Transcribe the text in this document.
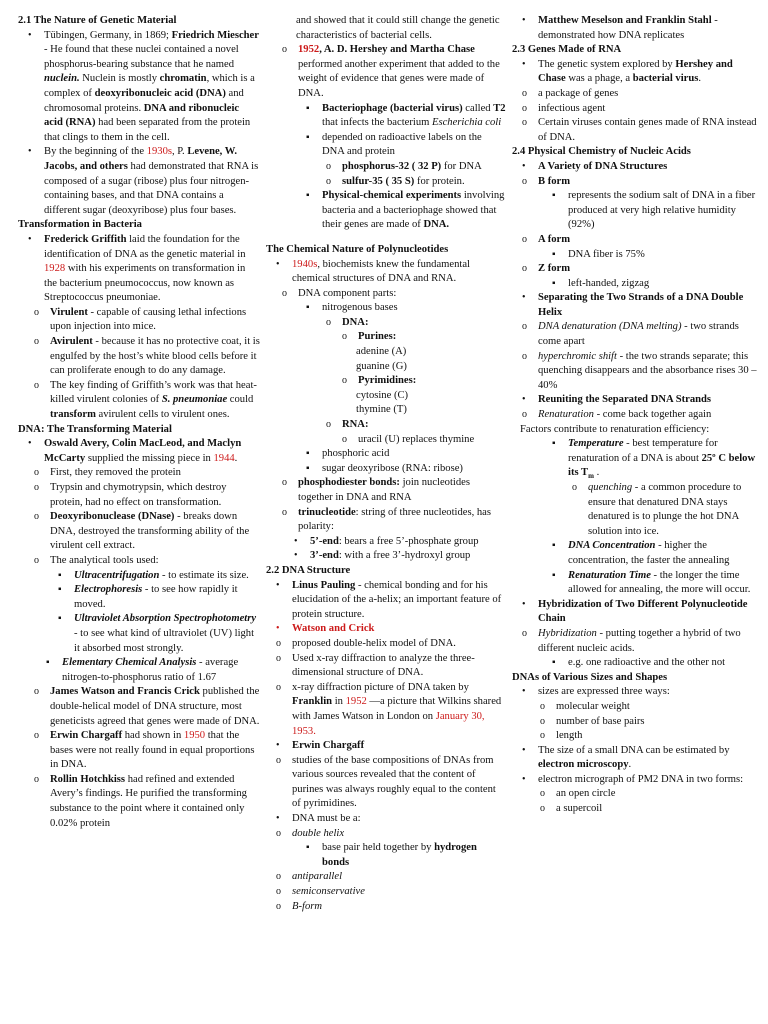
2.1 The Nature of Genetic Material
• Tübingen, Germany, in 1869; Friedrich Miescher - He found that these nuclei contained a novel phosphorus-bearing substance that he named nuclein. Nuclein is mostly chromatin, which is a complex of deoxyribonucleic acid (DNA) and chromosomal proteins. DNA and ribonucleic acid (RNA) had been separated from the protein that clings to them in the cell.
• By the beginning of the 1930s, P. Levene, W. Jacobs, and others had demonstrated that RNA is composed of a sugar (ribose) plus four nitrogen-containing bases, and that DNA contains a different sugar (deoxyribose) plus four bases.
Transformation in Bacteria
• Frederick Griffith laid the foundation for the identification of DNA as the genetic material in 1928 with his experiments on transformation in the bacterium pneumococcus, now known as Streptococcus pneumoniae.
o Virulent - capable of causing lethal infections upon injection into mice.
o Avirulent - because it has no protective coat, it is engulfed by the host’s white blood cells before it can proliferate enough to do any damage.
o The key finding of Griffith’s work was that heat-killed virulent colonies of S. pneumoniae could transform avirulent cells to virulent ones.
DNA: The Transforming Material
• Oswald Avery, Colin MacLeod, and Maclyn McCarty supplied the missing piece in 1944.
o First, they removed the protein
o Trypsin and chymotrypsin, which destroy protein, had no effect on transformation.
o Deoxyribonuclease (DNase) - breaks down DNA, destroyed the transforming ability of the virulent cell extract.
o The analytical tools used:
▪ Ultracentrifugation - to estimate its size.
▪ Electrophoresis - to see how rapidly it moved.
▪ Ultraviolet Absorption Spectrophotometry - to see what kind of ultraviolet (UV) light it absorbed most strongly.
▪ Elementary Chemical Analysis - average nitrogen-to-phosphorus ratio of 1.67
o James Watson and Francis Crick published the double-helical model of DNA structure, most geneticists agreed that genes were made of DNA.
o Erwin Chargaff had shown in 1950 that the bases were not really found in equal proportions in DNA.
o Rollin Hotchkiss had refined and extended Avery’s findings. He purified the transforming substance to the point where it contained only 0.02% protein
and showed that it could still change the genetic characteristics of bacterial cells.
o 1952, A. D. Hershey and Martha Chase performed another experiment that added to the weight of evidence that genes were made of DNA.
▪ Bacteriophage (bacterial virus) called T2 that infects the bacterium Escherichia coli
▪ depended on radioactive labels on the DNA and protein
o phosphorus-32 ( 32 P) for DNA
o sulfur-35 ( 35 S) for protein.
▪ Physical-chemical experiments involving bacteria and a bacteriophage showed that their genes are made of DNA.
The Chemical Nature of Polynucleotides
• 1940s, biochemists knew the fundamental chemical structures of DNA and RNA.
o DNA component parts:
▪ nitrogenous bases
o DNA:
o Purines:
adenine (A)
guanine (G)
o Pyrimidines:
cytosine (C)
thymine (T)
o RNA:
o uracil (U) replaces thymine
▪ phosphoric acid
▪ sugar deoxyribose (RNA: ribose)
o phosphodiester bonds: join nucleotides together in DNA and RNA
o trinucleotide: string of three nucleotides, has polarity:
• 5’-end: bears a free 5’-phosphate group
• 3’-end: with a free 3’-hydroxyl group
2.2 DNA Structure
• Linus Pauling - chemical bonding and for his elucidation of the a-helix; an important feature of protein structure.
• Watson and Crick
o proposed double-helix model of DNA.
o Used x-ray diffraction to analyze the three-dimensional structure of DNA.
o x-ray diffraction picture of DNA taken by Franklin in 1952 —a picture that Wilkins shared with James Watson in London on January 30, 1953.
• Erwin Chargaff
o studies of the base compositions of DNAs from various sources revealed that the content of purines was always roughly equal to the content of pyrimidines.
• DNA must be a:
o double helix
▪ base pair held together by hydrogen bonds
o antiparallel
o semiconservative
o B-form
• Matthew Meselson and Franklin Stahl - demonstrated how DNA replicates
2.3 Genes Made of RNA
• The genetic system explored by Hershey and Chase was a phage, a bacterial virus.
o a package of genes
o infectious agent
o Certain viruses contain genes made of RNA instead of DNA.
2.4 Physical Chemistry of Nucleic Acids
• A Variety of DNA Structures
o B form
▪ represents the sodium salt of DNA in a fiber produced at very high relative humidity (92%)
o A form
▪ DNA fiber is 75%
o Z form
▪ left-handed, zigzag
• Separating the Two Strands of a DNA Double Helix
o DNA denaturation (DNA melting) - two strands come apart
o hyperchromic shift - the two strands separate; this quenching disappears and the absorbance rises 30 –40%
• Reuniting the Separated DNA Strands
o Renaturation - come back together again
Factors contribute to renaturation efficiency:
▪ Temperature - best temperature for renaturation of a DNA is about 25º C below its $T_m$ .
o quenching - a common procedure to ensure that denatured DNA stays denatured is to plunge the hot DNA solution into ice.
▪ DNA Concentration - higher the concentration, the faster the annealing
▪ Renaturation Time - the longer the time allowed for annealing, the more will occur.
• Hybridization of Two Different Polynucleotide Chain
o Hybridization - putting together a hybrid of two different nucleic acids.
▪ e.g. one radioactive and the other not
DNAs of Various Sizes and Shapes
• sizes are expressed three ways:
o molecular weight
o number of base pairs
o length
• The size of a small DNA can be estimated by electron microscopy.
• electron micrograph of PM2 DNA in two forms:
o an open circle
o a supercoil
